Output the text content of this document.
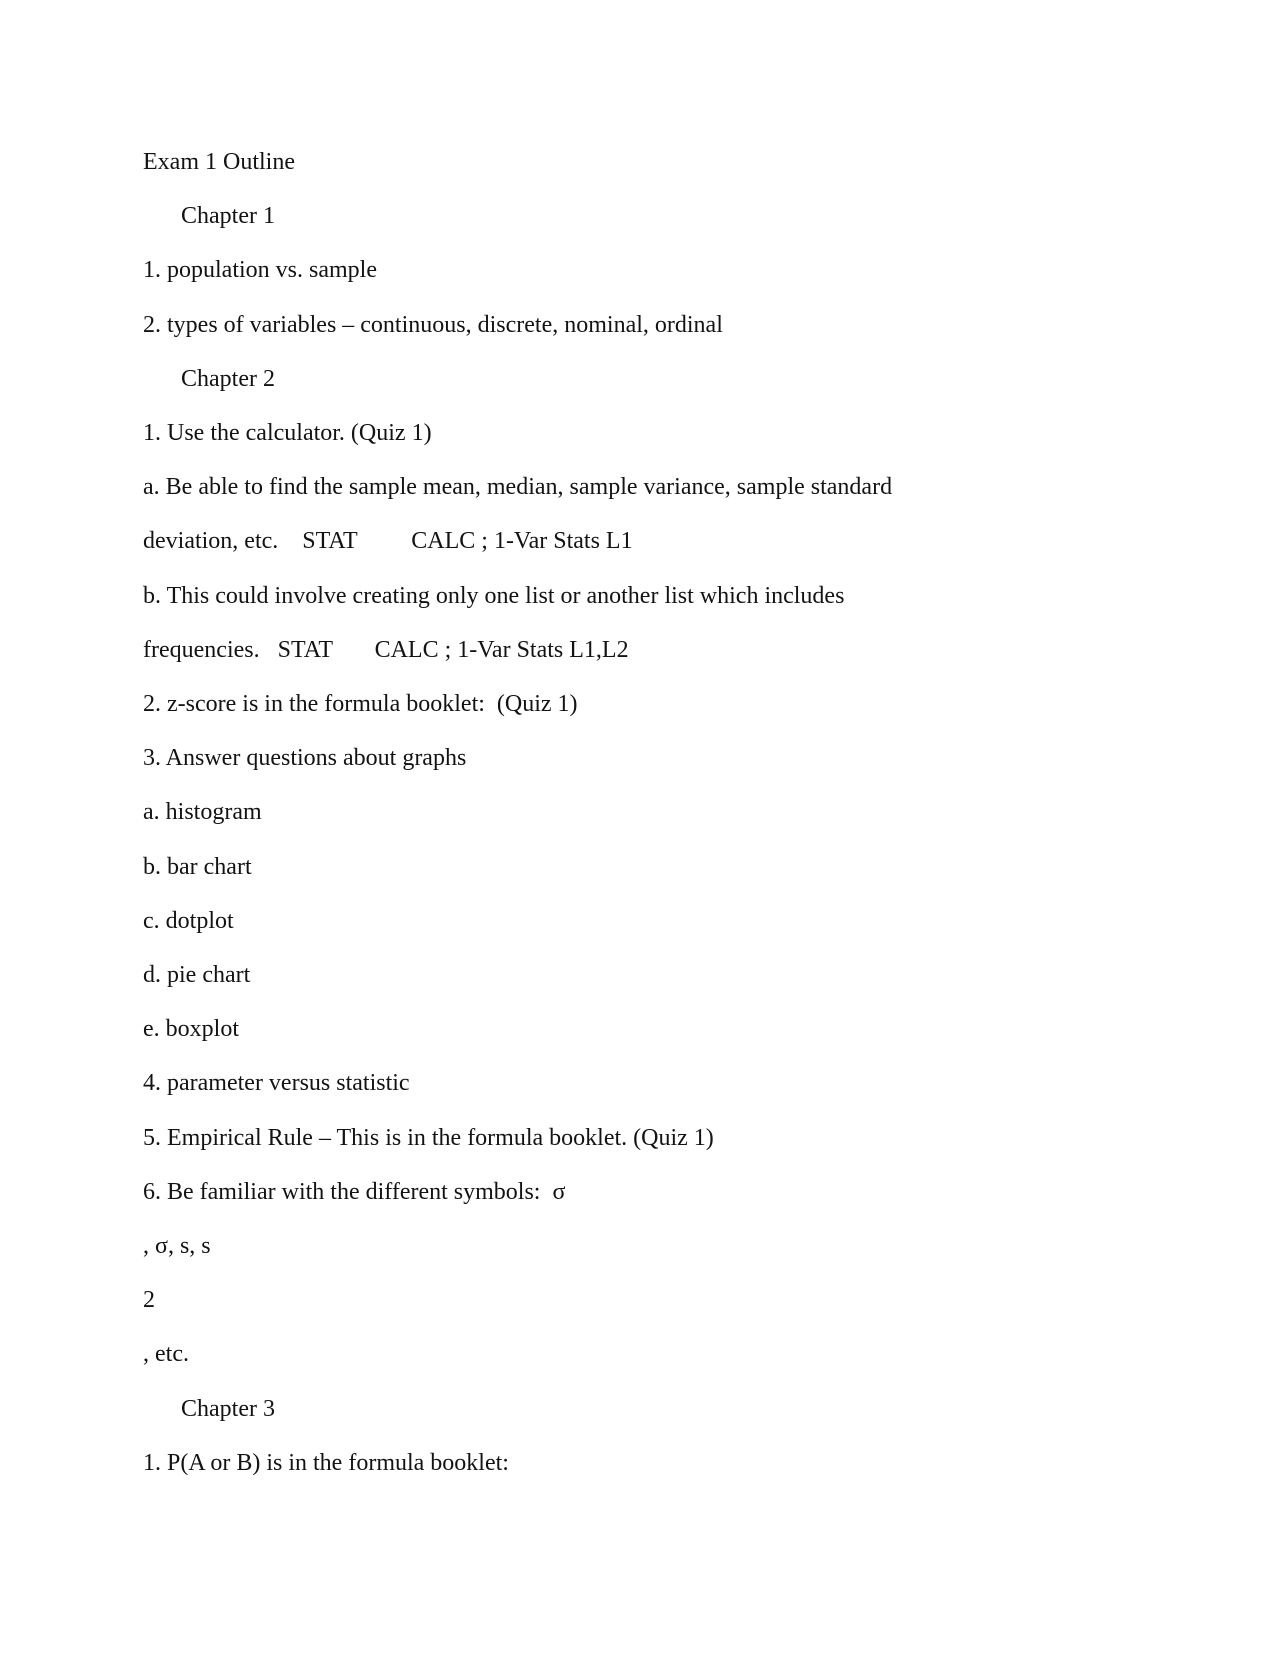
Exam 1 Outline

Chapter 1

1. population vs. sample

2. types of variables – continuous, discrete, nominal, ordinal

Chapter 2

1. Use the calculator. (Quiz 1)

a. Be able to find the sample mean, median, sample variance, sample standard

deviation, etc.    STAT         CALC ; 1-Var Stats L1

b. This could involve creating only one list or another list which includes

frequencies.   STAT       CALC ; 1-Var Stats L1,L2

2. z-score is in the formula booklet:  (Quiz 1)

3. Answer questions about graphs

a. histogram

b. bar chart

c. dotplot

d. pie chart

e. boxplot

4. parameter versus statistic

5. Empirical Rule – This is in the formula booklet. (Quiz 1)

6. Be familiar with the different symbols:  σ

, σ, s, s

2

, etc.

Chapter 3

1. P(A or B) is in the formula booklet:
